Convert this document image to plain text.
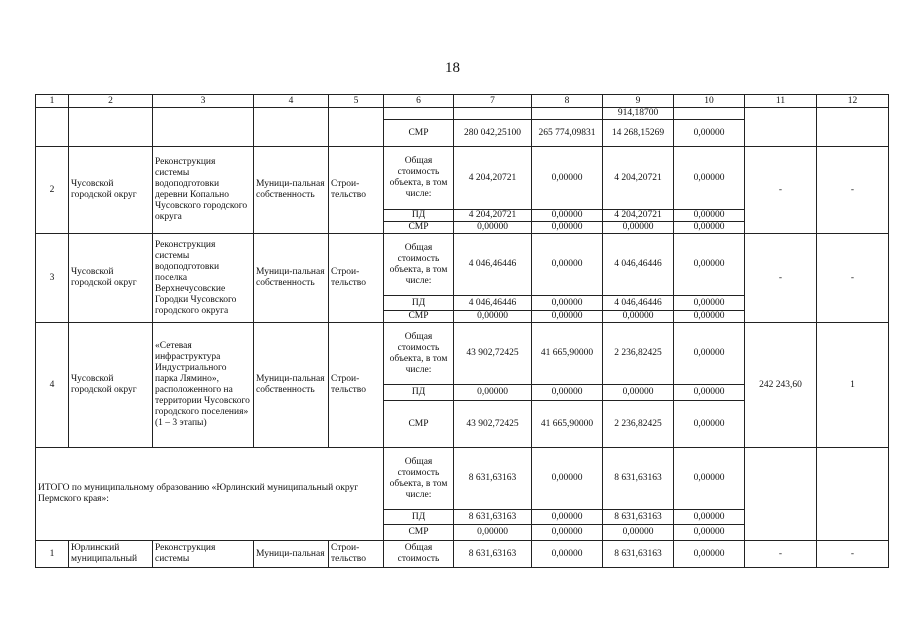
18
1	2	3	4	5	6	7	8	9	10	11	12
								914,18700			
					СМР	280 042,25100	265 774,09831	14 268,15269	0,00000		
2	Чусовской городской округ	Реконструкция системы водоподготовки деревни Копально Чусовского городского округа	Муници-пальная собственность	Строи-тельство	Общая стоимость объекта, в том числе:	4 204,20721	0,00000	4 204,20721	0,00000	-	-
					ПД	4 204,20721	0,00000	4 204,20721	0,00000		
					СМР	0,00000	0,00000	0,00000	0,00000		
3	Чусовской городской округ	Реконструкция системы водоподготовки поселка Верхнечусовские Городки Чусовского городского округа	Муници-пальная собственность	Строи-тельство	Общая стоимость объекта, в том числе:	4 046,46446	0,00000	4 046,46446	0,00000	-	-
					ПД	4 046,46446	0,00000	4 046,46446	0,00000		
					СМР	0,00000	0,00000	0,00000	0,00000		
4	Чусовской городской округ	«Сетевая инфраструктура Индустриального парка Лямино», расположенного на территории Чусовского городского поселения» (1 – 3 этапы)	Муници-пальная собственность	Строи-тельство	Общая стоимость объекта, в том числе:	43 902,72425	41 665,90000	2 236,82425	0,00000	242 243,60	1
					ПД	0,00000	0,00000	0,00000	0,00000		
					СМР	43 902,72425	41 665,90000	2 236,82425	0,00000		
ИТОГО по муниципальному образованию «Юрлинский муниципальный округ Пермского края»:					Общая стоимость объекта, в том числе:	8 631,63163	0,00000	8 631,63163	0,00000		
					ПД	8 631,63163	0,00000	8 631,63163	0,00000		
					СМР	0,00000	0,00000	0,00000	0,00000		
1	Юрлинский муниципальный	Реконструкция системы	Муници-пальная	Строи-тельство	Общая стоимость	8 631,63163	0,00000	8 631,63163	0,00000	-	-
